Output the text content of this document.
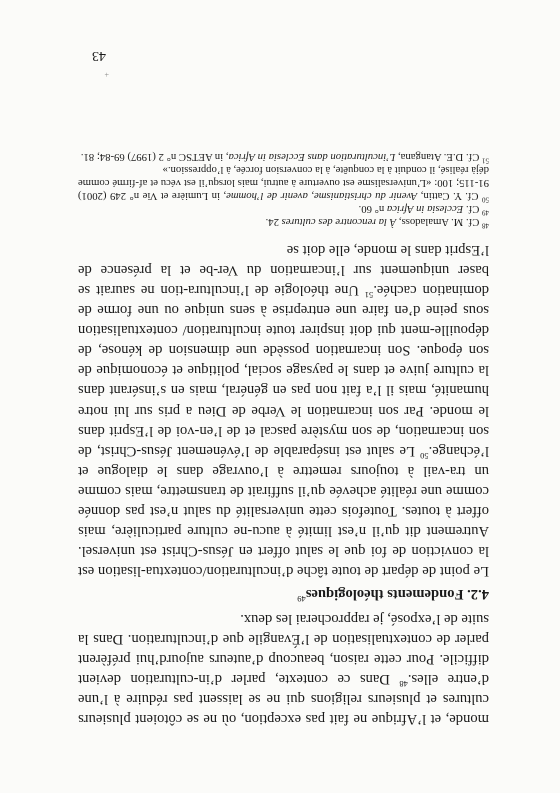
monde, et l’Afrique ne fait pas exception, où ne se côtoient plusieurs cultures et plusieurs religions qui ne se laissent pas réduire à l’une d’entre elles.$^{48}$ Dans ce contexte, parler d’in-culturation devient difficile. Pour cette raison, beaucoup d’auteurs aujourd’hui préfèrent parler de contextualisation de l’Évangile que d’inculturation. Dans la suite de l’exposé, je rapprocherai les deux.

4.2. Fondements théologiques$^{49}$

Le point de départ de toute tâche d’inculturation/contextua-lisation est la conviction de foi que le salut offert en Jésus-Christ est universel. Autrement dit qu’il n’est limité à aucu-ne culture particulière, mais offert à toutes. Toutefois cette universalité du salut n’est pas donnée comme une réalité achevée qu’il suffirait de transmettre, mais comme un tra-vail à toujours remettre à l’ouvrage dans le dialogue et l’échange.$^{50}$ Le salut est inséparable de l’événement Jésus-Christ, de son incarnation, de son mystère pascal et de l’en-voi de l’Esprit dans le monde. Par son incarnation le Verbe de Dieu a pris sur lui notre humanité, mais il l’a fait non pas en général, mais en s’insérant dans la culture juive et dans le paysage social, politique et économique de son époque. Son incarnation possède une dimension de kénose, de dépouille-ment qui doit inspirer toute inculturation/ contextualisation sous peine d’en faire une entreprise à sens unique ou une forme de domination cachée.$^{51}$ Une théologie de l’incultura-tion ne saurait se baser uniquement sur l’incarnation du Ver-be et la présence de l’Esprit dans le monde, elle doit se

$^{48}$ Cf. M. Amaladoss, À la rencontre des cultures 24.

$^{49}$ Cf. Ecclesia in Africa n° 60.

$^{50}$ Cf. Y. Cattin, Avenir du christianisme, avenir de l’homme, in Lumière et Vie n° 249 (2001) 91-115; 100: «L’universalisme est ouverture à autrui, mais lorsqu’il est vécu et af-firmé comme déjà réalisé, il conduit à la conquête, à la conversion forcée, à l’oppression.»

$^{51}$ Cf. D.E. Atangana, L’inculturation dans Ecclesia in Africa, in AETSC n° 2 (1997) 69-84; 81.

+
43
